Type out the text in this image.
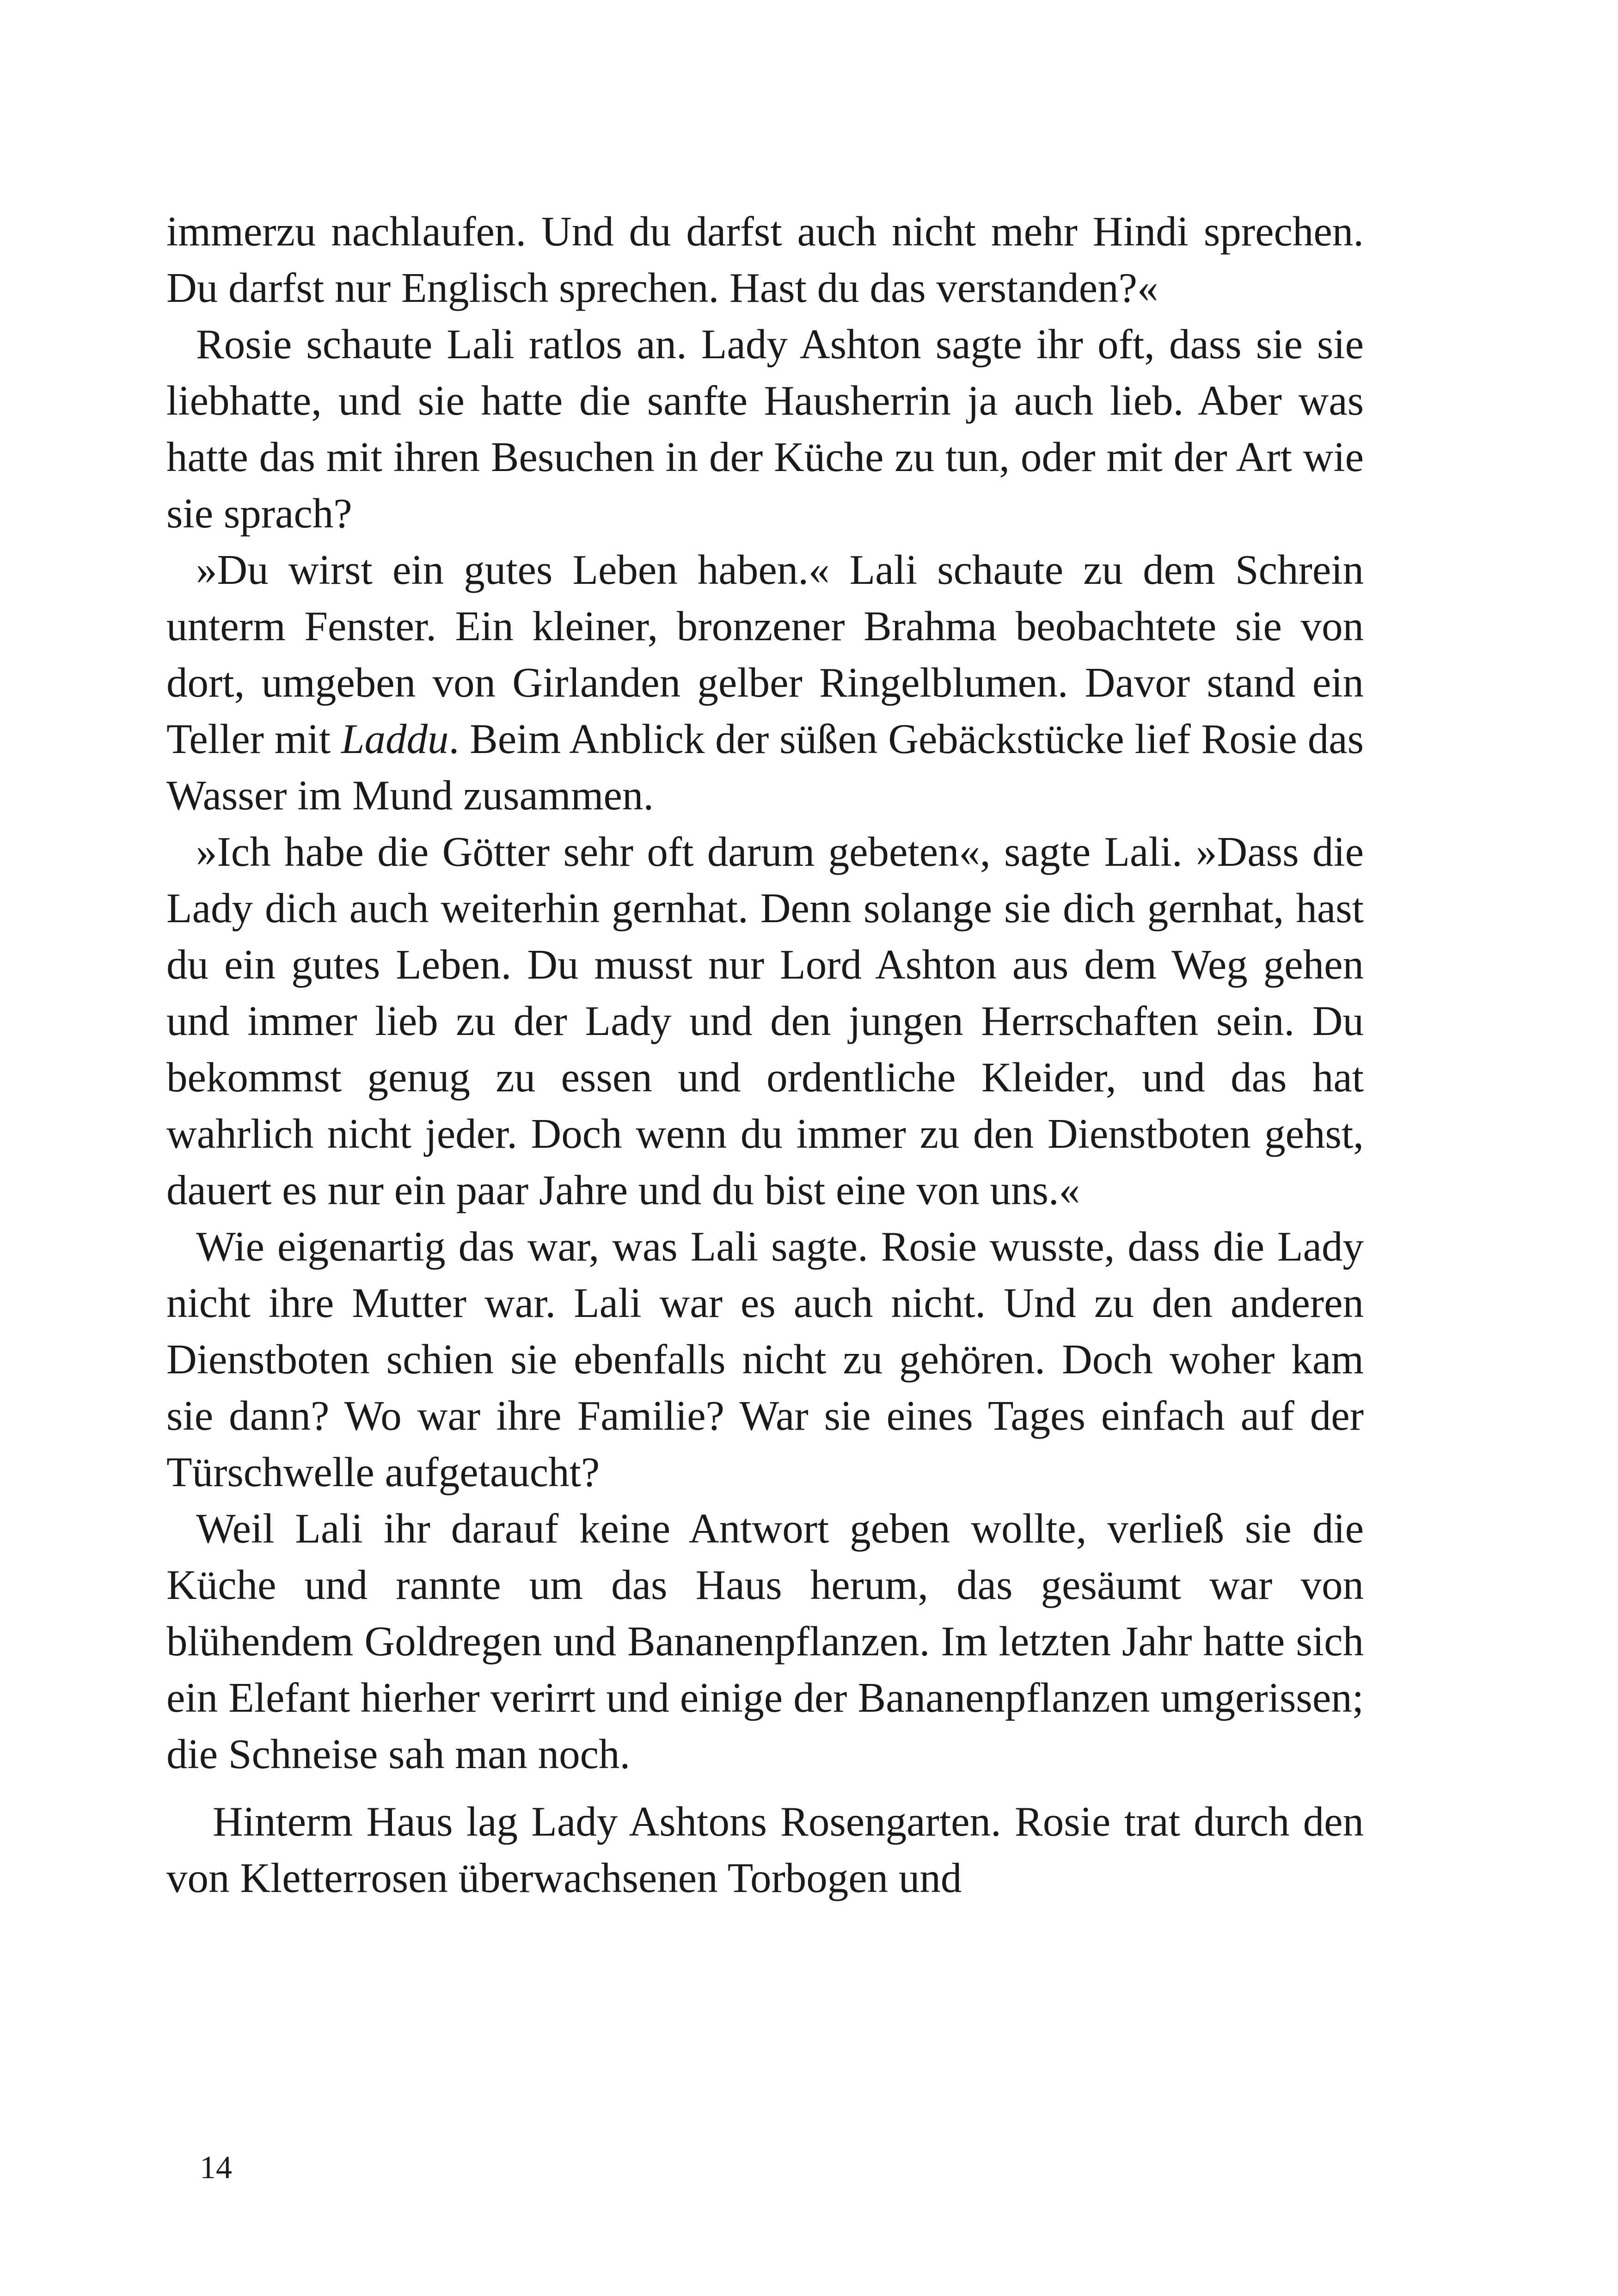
immerzu nachlaufen. Und du darfst auch nicht mehr Hindi sprechen. Du darfst nur Englisch sprechen. Hast du das verstanden?«

Rosie schaute Lali ratlos an. Lady Ashton sagte ihr oft, dass sie sie liebhatte, und sie hatte die sanfte Hausherrin ja auch lieb. Aber was hatte das mit ihren Besuchen in der Küche zu tun, oder mit der Art wie sie sprach?

»Du wirst ein gutes Leben haben.« Lali schaute zu dem Schrein unterm Fenster. Ein kleiner, bronzener Brahma beobachtete sie von dort, umgeben von Girlanden gelber Ringelblumen. Davor stand ein Teller mit Laddu. Beim Anblick der süßen Gebäckstücke lief Rosie das Wasser im Mund zusammen.

»Ich habe die Götter sehr oft darum gebeten«, sagte Lali. »Dass die Lady dich auch weiterhin gernhat. Denn solange sie dich gernhat, hast du ein gutes Leben. Du musst nur Lord Ashton aus dem Weg gehen und immer lieb zu der Lady und den jungen Herrschaften sein. Du bekommst genug zu essen und ordentliche Kleider, und das hat wahrlich nicht jeder. Doch wenn du immer zu den Dienstboten gehst, dauert es nur ein paar Jahre und du bist eine von uns.«

Wie eigenartig das war, was Lali sagte. Rosie wusste, dass die Lady nicht ihre Mutter war. Lali war es auch nicht. Und zu den anderen Dienstboten schien sie ebenfalls nicht zu gehören. Doch woher kam sie dann? Wo war ihre Familie? War sie eines Tages einfach auf der Türschwelle aufgetaucht?

Weil Lali ihr darauf keine Antwort geben wollte, verließ sie die Küche und rannte um das Haus herum, das gesäumt war von blühendem Goldregen und Bananenpflanzen. Im letzten Jahr hatte sich ein Elefant hierher verirrt und einige der Bananenpflanzen umgerissen; die Schneise sah man noch.

Hinterm Haus lag Lady Ashtons Rosengarten. Rosie trat durch den von Kletterrosen überwachsenen Torbogen und

14
